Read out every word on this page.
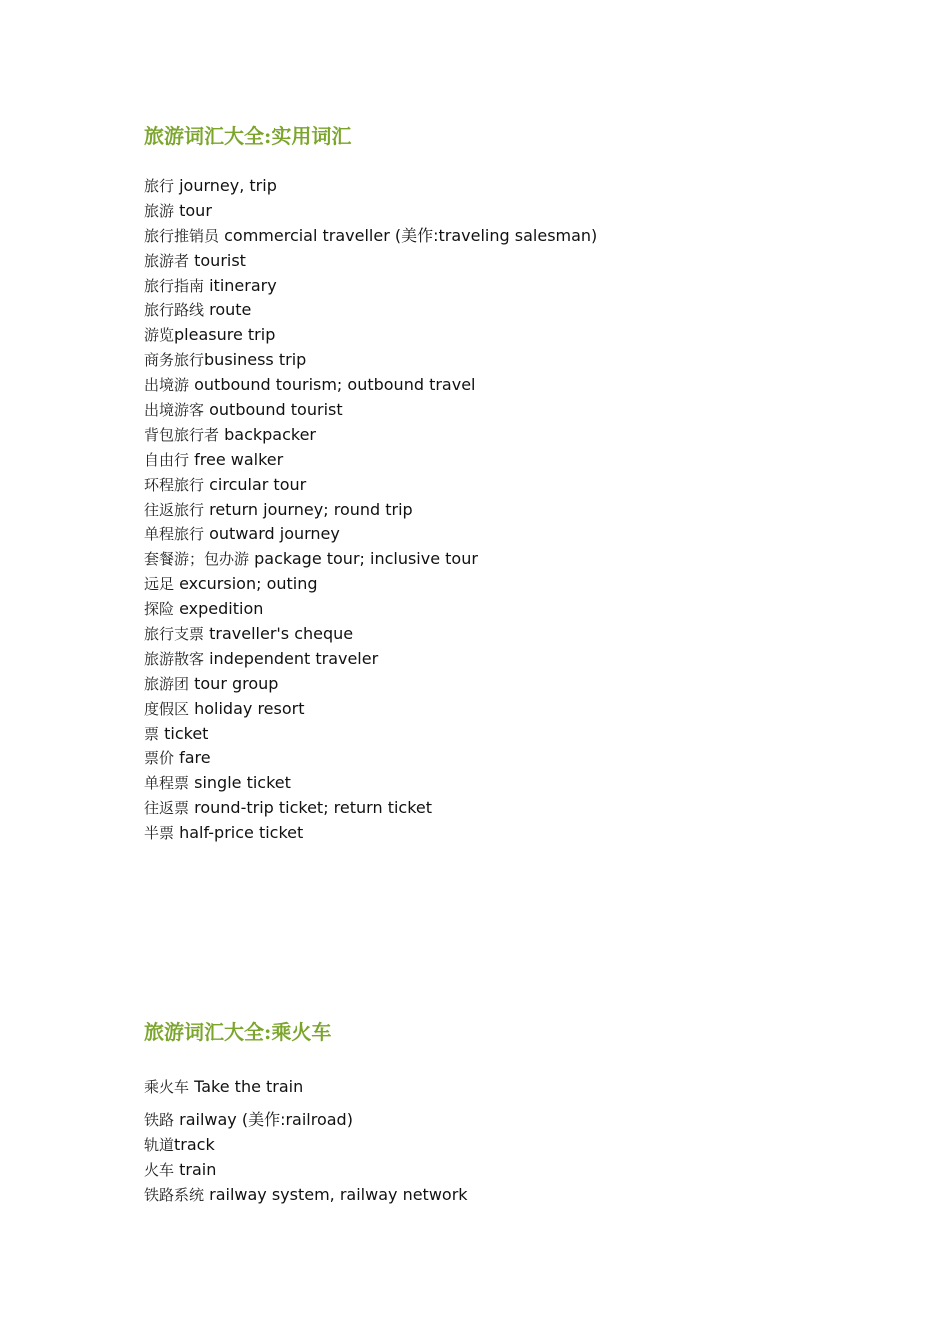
旅游词汇大全:实用词汇
旅行 journey, trip
旅游 tour
旅行推销员 commercial traveller (美作:traveling salesman)
旅游者 tourist
旅行指南 itinerary
旅行路线 route
游览pleasure trip
商务旅行business trip
出境游 outbound tourism; outbound travel
出境游客 outbound tourist
背包旅行者 backpacker
自由行 free walker
环程旅行 circular tour
往返旅行 return journey; round trip
单程旅行 outward journey
套餐游；包办游 package tour; inclusive tour
远足 excursion; outing
探险 expedition
旅行支票 traveller's cheque
旅游散客 independent traveler
旅游团 tour group
度假区 holiday resort
票 ticket
票价 fare
单程票 single ticket
往返票 round-trip ticket; return ticket
半票 half-price ticket
旅游词汇大全:乘火车
乘火车 Take the train
铁路 railway (美作:railroad)
轨道track
火车 train
铁路系统 railway system, railway network
